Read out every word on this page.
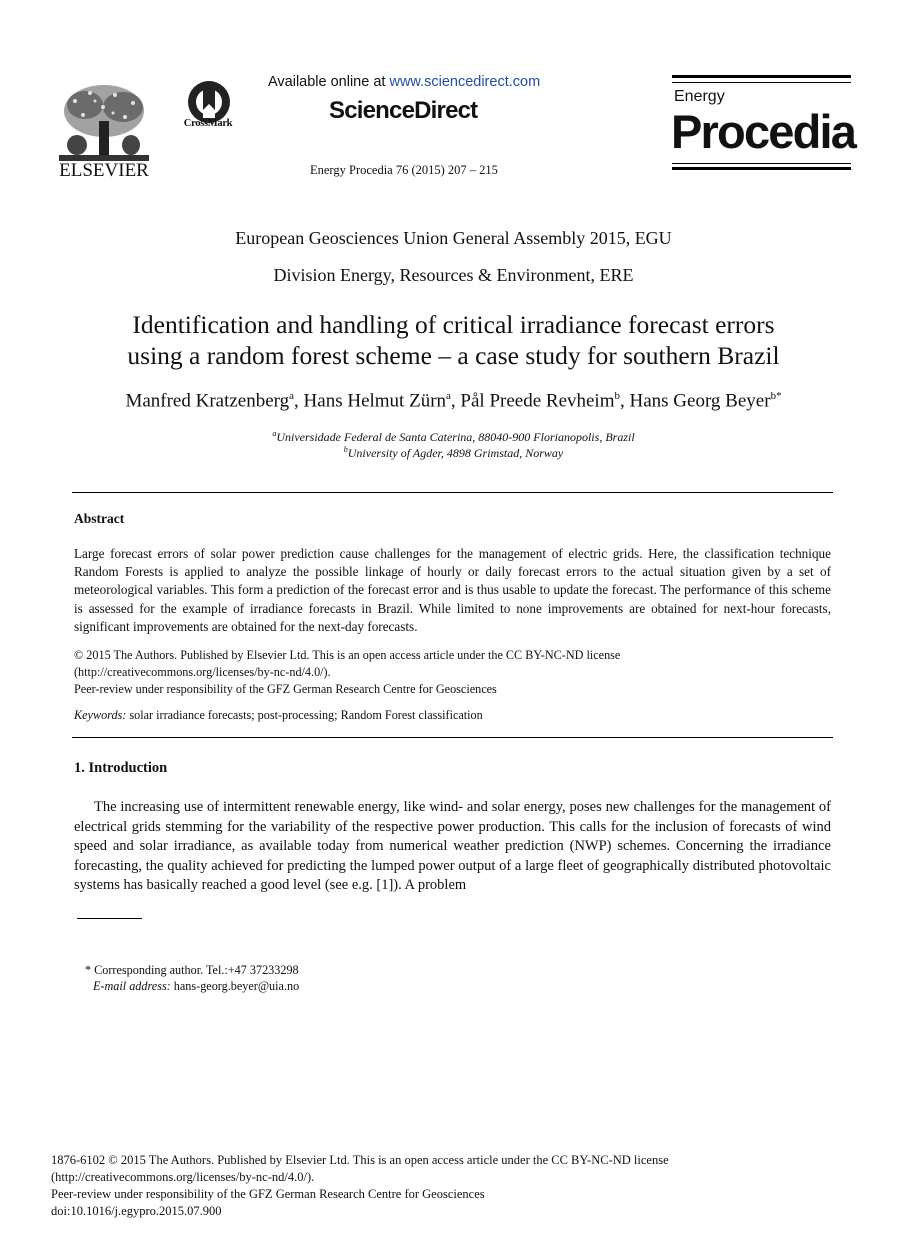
ELSEVIER
CrossMark
Available online at www.sciencedirect.com
ScienceDirect
Energy Procedia 76 (2015) 207 – 215
Energy
Procedia
European Geosciences Union General Assembly 2015, EGU
Division Energy, Resources & Environment, ERE
Identification and handling of critical irradiance forecast errors
using a random forest scheme – a case study for southern Brazil
Manfred Kratzenberg$^a$, Hans Helmut Zürn$^a$, Pål Preede Revheim$^b$, Hans Georg Beyer$^{b*}$
$^a$Universidade Federal de Santa Caterina, 88040-900 Florianopolis, Brazil
$^b$University of Agder, 4898 Grimstad, Norway
Abstract
Large forecast errors of solar power prediction cause challenges for the management of electric grids. Here, the classification technique Random Forests is applied to analyze the possible linkage of hourly or daily forecast errors to the actual situation given by a set of meteorological variables. This form a prediction of the forecast error and is thus usable to update the forecast. The performance of this scheme is assessed for the example of irradiance forecasts in Brazil. While limited to none improvements are obtained for next-hour forecasts, significant improvements are obtained for the next-day forecasts.
© 2015 The Authors. Published by Elsevier Ltd. This is an open access article under the CC BY-NC-ND license
(http://creativecommons.org/licenses/by-nc-nd/4.0/).
Peer-review under responsibility of the GFZ German Research Centre for Geosciences
Keywords: solar irradiance forecasts; post-processing; Random Forest classification
1. Introduction
The increasing use of intermittent renewable energy, like wind- and solar energy, poses new challenges for the management of electrical grids stemming for the variability of the respective power production. This calls for the inclusion of forecasts of wind speed and solar irradiance, as available today from numerical weather prediction (NWP) schemes. Concerning the irradiance forecasting, the quality achieved for predicting the lumped power output of a large fleet of geographically distributed photovoltaic systems has basically reached a good level (see e.g. [1]). A problem
* Corresponding author. Tel.:+47 37233298
E-mail address: hans-georg.beyer@uia.no
1876-6102 © 2015 The Authors. Published by Elsevier Ltd. This is an open access article under the CC BY-NC-ND license
(http://creativecommons.org/licenses/by-nc-nd/4.0/).
Peer-review under responsibility of the GFZ German Research Centre for Geosciences
doi:10.1016/j.egypro.2015.07.900
